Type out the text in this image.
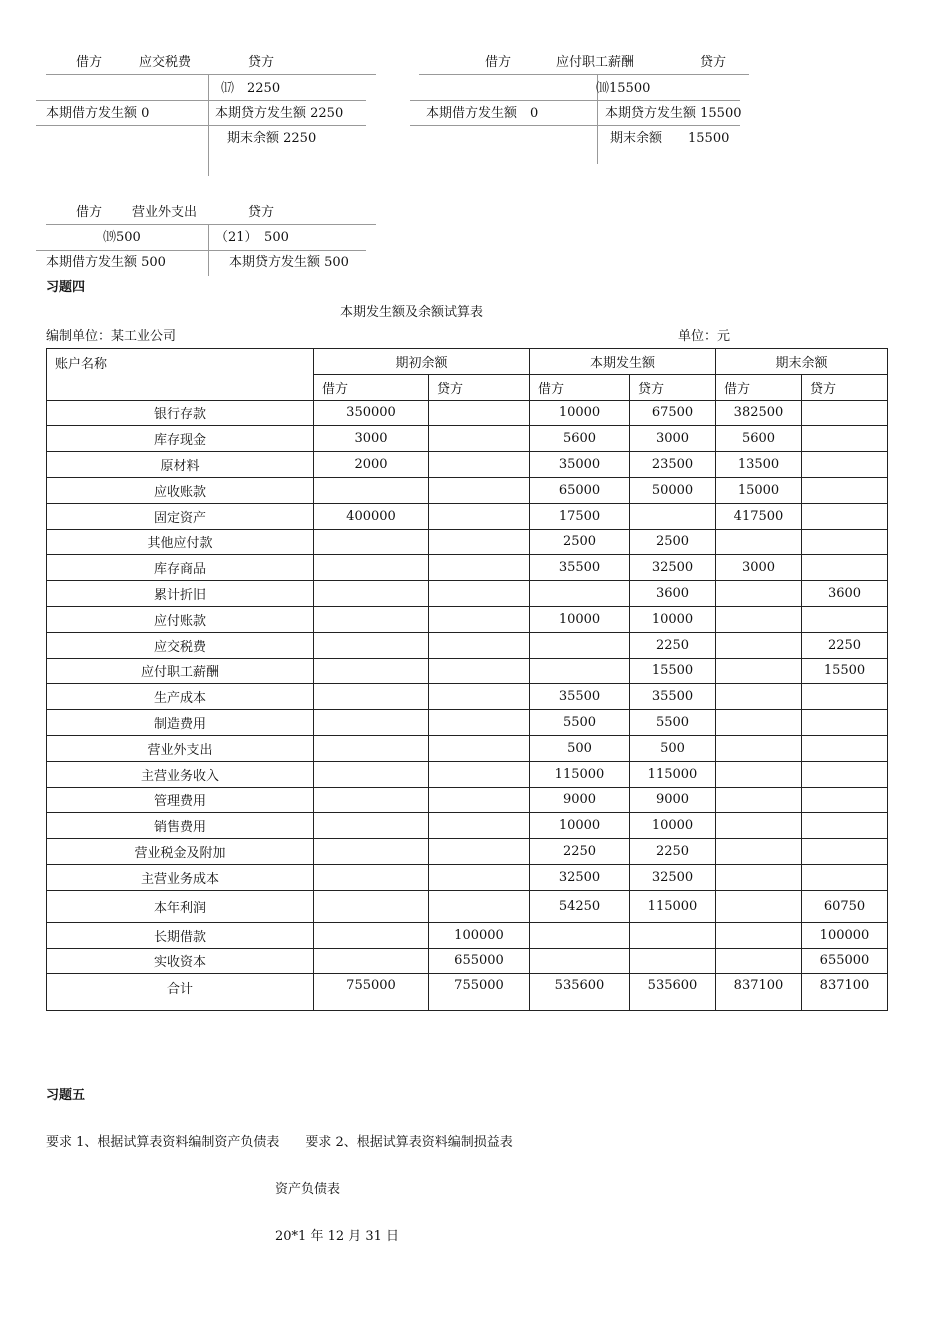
借方	应交税费	贷方
⒄　2250
本期借方发生额 0	本期贷方发生额 2250
期末余额 2250
借方	应付职工薪酬	贷方
⑽15500
本期借方发生额　0	本期贷方发生额 15500
期末余额　　15500
借方 营业外支出	贷方
⒆500	（21）　500
本期借方发生额 500	本期贷方发生额 500
习题四
本期发生额及余额试算表
编制单位：某工业公司	单位：元
账户名称	期初余额		本期发生额		期末余额	
	借方	贷方	借方	贷方	借方	贷方
银行存款	350000		10000	67500	382500	
库存现金	3000		5600	3000	5600	
原材料	2000		35000	23500	13500	
应收账款			65000	50000	15000	
固定资产	400000		17500		417500	
其他应付款			2500	2500		
库存商品			35500	32500	3000	
累计折旧				3600		3600
应付账款			10000	10000		
应交税费				2250		2250
应付职工薪酬				15500		15500
生产成本			35500	35500		
制造费用			5500	5500		
营业外支出			500	500		
主营业务收入			115000	115000		
管理费用			9000	9000		
销售费用			10000	10000		
营业税金及附加			2250	2250		
主营业务成本			32500	32500		
本年利润			54250	115000		60750
长期借款		100000				100000
实收资本		655000				655000
合计	755000	755000	535600	535600	837100	837100
习题五
要求 1、根据试算表资料编制资产负债表　　要求 2、根据试算表资料编制损益表
资产负债表
20*1 年 12 月 31 日
